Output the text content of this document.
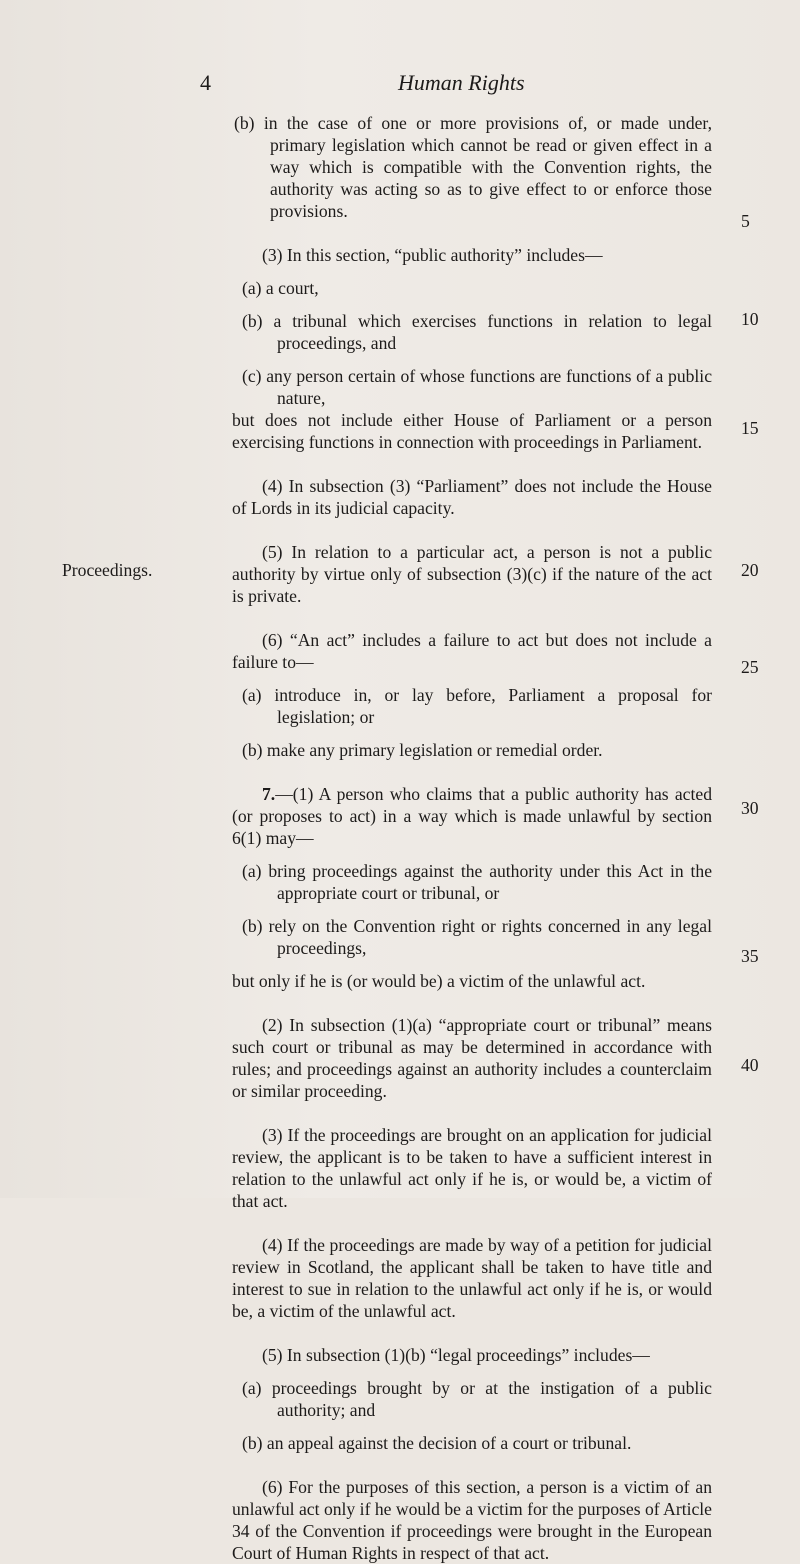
4	Human Rights
Proceedings.
5
10
15
20
25
30
35
40

(b) in the case of one or more provisions of, or made under, primary legislation which cannot be read or given effect in a way which is compatible with the Convention rights, the authority was acting so as to give effect to or enforce those provisions.

(3) In this section, “public authority” includes—

(a) a court,

(b) a tribunal which exercises functions in relation to legal proceedings, and

(c) any person certain of whose functions are functions of a public nature,

but does not include either House of Parliament or a person exercising functions in connection with proceedings in Parliament.

(4) In subsection (3) “Parliament” does not include the House of Lords in its judicial capacity.

(5) In relation to a particular act, a person is not a public authority by virtue only of subsection (3)(c) if the nature of the act is private.

(6) “An act” includes a failure to act but does not include a failure to—

(a) introduce in, or lay before, Parliament a proposal for legislation; or

(b) make any primary legislation or remedial order.

7.—(1) A person who claims that a public authority has acted (or proposes to act) in a way which is made unlawful by section 6(1) may—

(a) bring proceedings against the authority under this Act in the appropriate court or tribunal, or

(b) rely on the Convention right or rights concerned in any legal proceedings,

but only if he is (or would be) a victim of the unlawful act.

(2) In subsection (1)(a) “appropriate court or tribunal” means such court or tribunal as may be determined in accordance with rules; and proceedings against an authority includes a counterclaim or similar proceeding.

(3) If the proceedings are brought on an application for judicial review, the applicant is to be taken to have a sufficient interest in relation to the unlawful act only if he is, or would be, a victim of that act.

(4) If the proceedings are made by way of a petition for judicial review in Scotland, the applicant shall be taken to have title and interest to sue in relation to the unlawful act only if he is, or would be, a victim of the unlawful act.

(5) In subsection (1)(b) “legal proceedings” includes—

(a) proceedings brought by or at the instigation of a public authority; and

(b) an appeal against the decision of a court or tribunal.

(6) For the purposes of this section, a person is a victim of an unlawful act only if he would be a victim for the purposes of Article 34 of the Convention if proceedings were brought in the European Court of Human Rights in respect of that act.
